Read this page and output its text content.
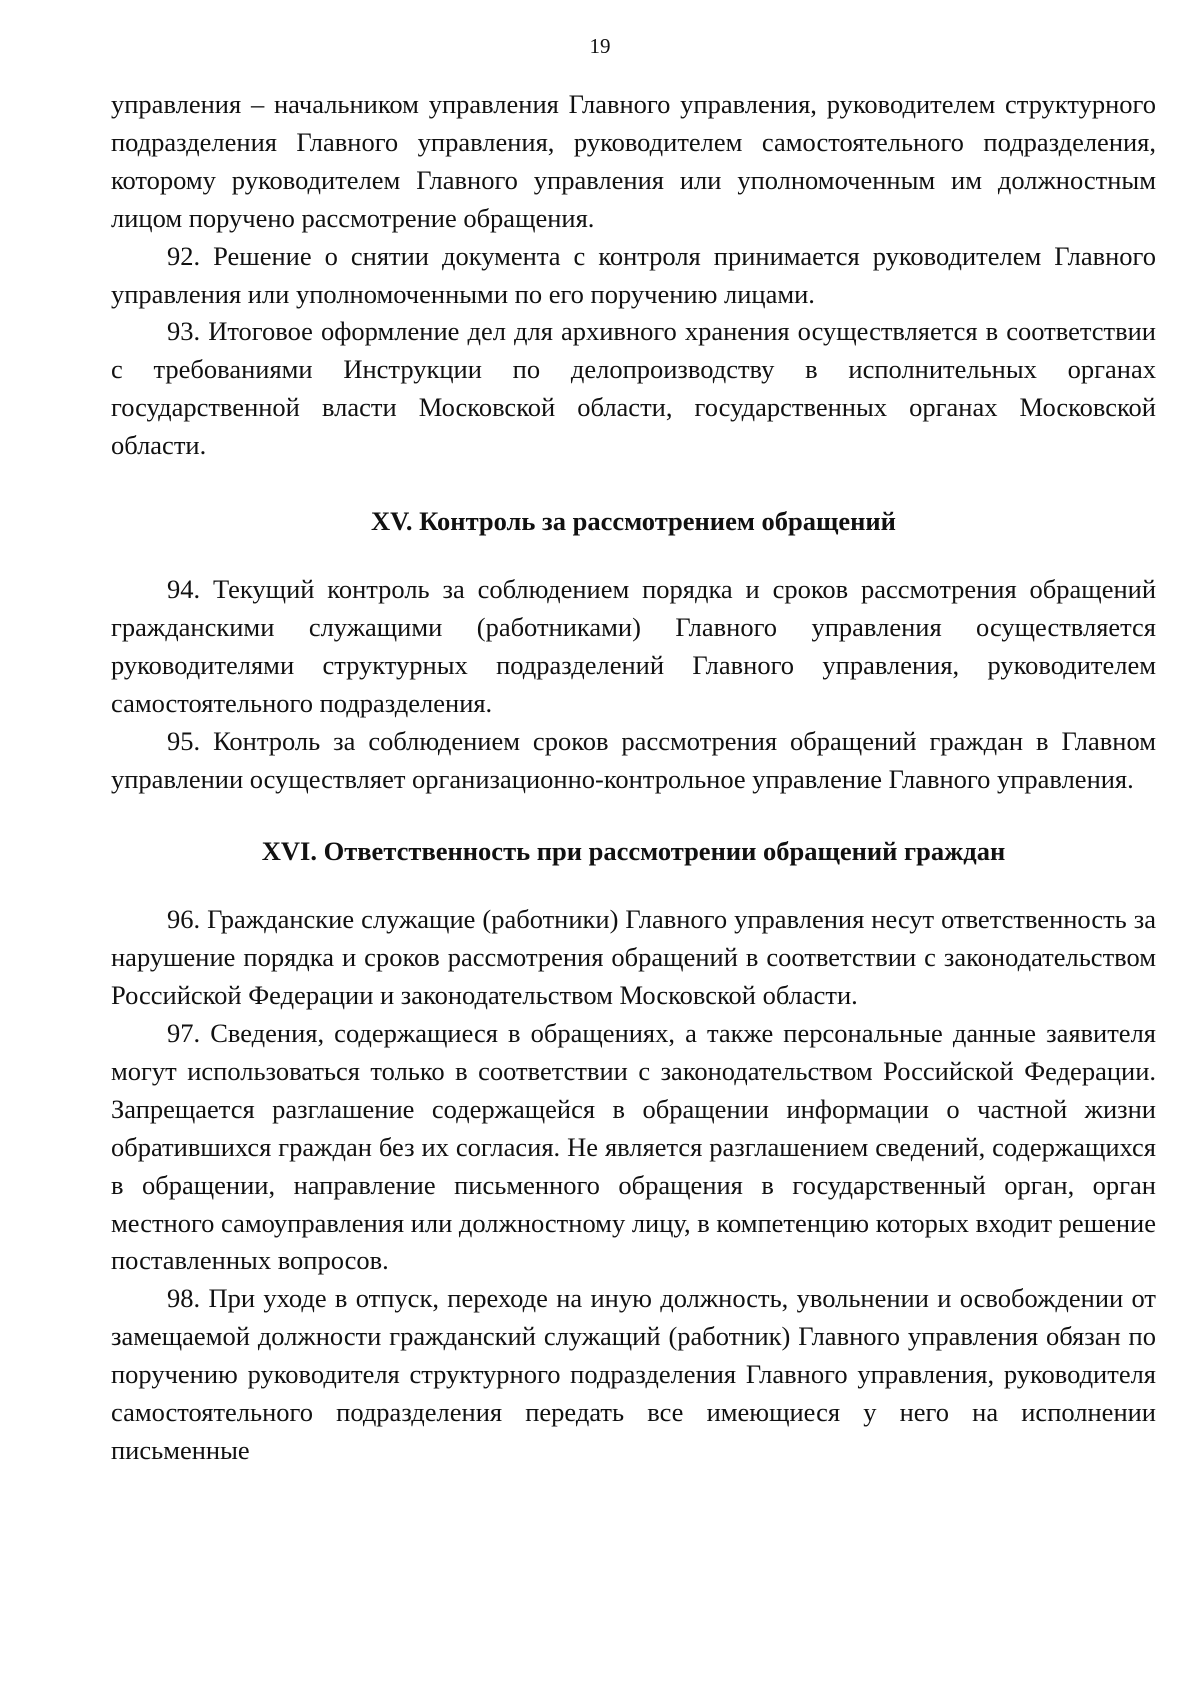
19

управления – начальником управления Главного управления, руководителем структурного подразделения Главного управления, руководителем самостоятельного подразделения, которому руководителем Главного управления или уполномоченным им должностным лицом поручено рассмотрение обращения.

92. Решение о снятии документа с контроля принимается руководителем Главного управления или уполномоченными по его поручению лицами.

93. Итоговое оформление дел для архивного хранения осуществляется в соответствии с требованиями Инструкции по делопроизводству в исполнительных органах государственной власти Московской области, государственных органах Московской области.

XV. Контроль за рассмотрением обращений

94. Текущий контроль за соблюдением порядка и сроков рассмотрения обращений гражданскими служащими (работниками) Главного управления осуществляется руководителями структурных подразделений Главного управления, руководителем самостоятельного подразделения.

95. Контроль за соблюдением сроков рассмотрения обращений граждан в Главном управлении осуществляет организационно-контрольное управление Главного управления.

XVI. Ответственность при рассмотрении обращений граждан

96. Гражданские служащие (работники) Главного управления несут ответственность за нарушение порядка и сроков рассмотрения обращений в соответствии с законодательством Российской Федерации и законодательством Московской области.

97. Сведения, содержащиеся в обращениях, а также персональные данные заявителя могут использоваться только в соответствии с законодательством Российской Федерации. Запрещается разглашение содержащейся в обращении информации о частной жизни обратившихся граждан без их согласия. Не является разглашением сведений, содержащихся в обращении, направление письменного обращения в государственный орган, орган местного самоуправления или должностному лицу, в компетенцию которых входит решение поставленных вопросов.

98. При уходе в отпуск, переходе на иную должность, увольнении и освобождении от замещаемой должности гражданский служащий (работник) Главного управления обязан по поручению руководителя структурного подразделения Главного управления, руководителя самостоятельного подразделения передать все имеющиеся у него на исполнении письменные
